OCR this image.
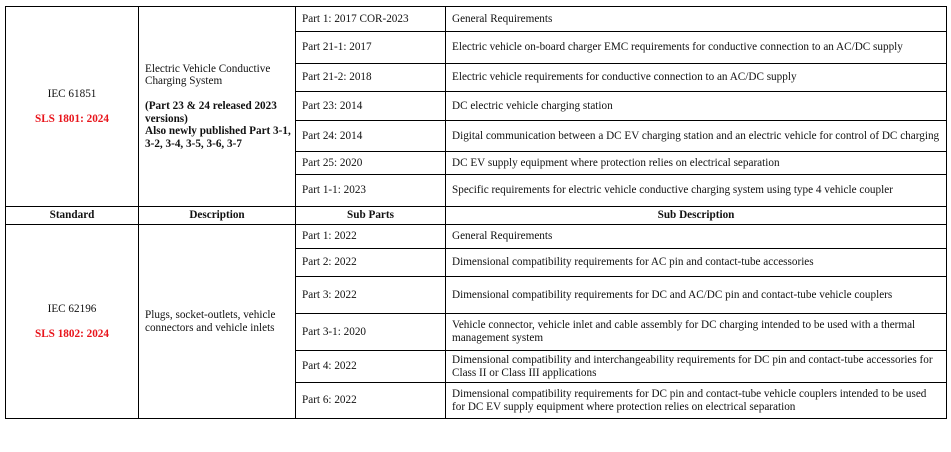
IEC 61851
SLS 1801: 2024	Electric Vehicle Conductive Charging System
(Part 23 & 24 released 2023 versions)
Also newly published Part 3-1, 3-2, 3-4, 3-5, 3-6, 3-7	Part 1: 2017 COR-2023	General Requirements
		Part 21-1: 2017	Electric vehicle on-board charger EMC requirements for conductive connection to an AC/DC supply
		Part 21-2: 2018	Electric vehicle requirements for conductive connection to an AC/DC supply
		Part 23: 2014	DC electric vehicle charging station
		Part 24: 2014	Digital communication between a DC EV charging station and an electric vehicle for control of DC charging
		Part 25: 2020	DC EV supply equipment where protection relies on electrical separation
		Part 1-1: 2023	Specific requirements for electric vehicle conductive charging system using type 4 vehicle coupler
Standard	Description	Sub Parts	Sub Description

IEC 62196
SLS 1802: 2024	Plugs, socket-outlets, vehicle connectors and vehicle inlets	Part 1: 2022	General Requirements
		Part 2: 2022	Dimensional compatibility requirements for AC pin and contact-tube accessories
		Part 3: 2022	Dimensional compatibility requirements for DC and AC/DC pin and contact-tube vehicle couplers
		Part 3-1: 2020	Vehicle connector, vehicle inlet and cable assembly for DC charging intended to be used with a thermal management system
		Part 4: 2022	Dimensional compatibility and interchangeability requirements for DC pin and contact-tube accessories for Class II or Class III applications
		Part 6: 2022	Dimensional compatibility requirements for DC pin and contact-tube vehicle couplers intended to be used for DC EV supply equipment where protection relies on electrical separation
